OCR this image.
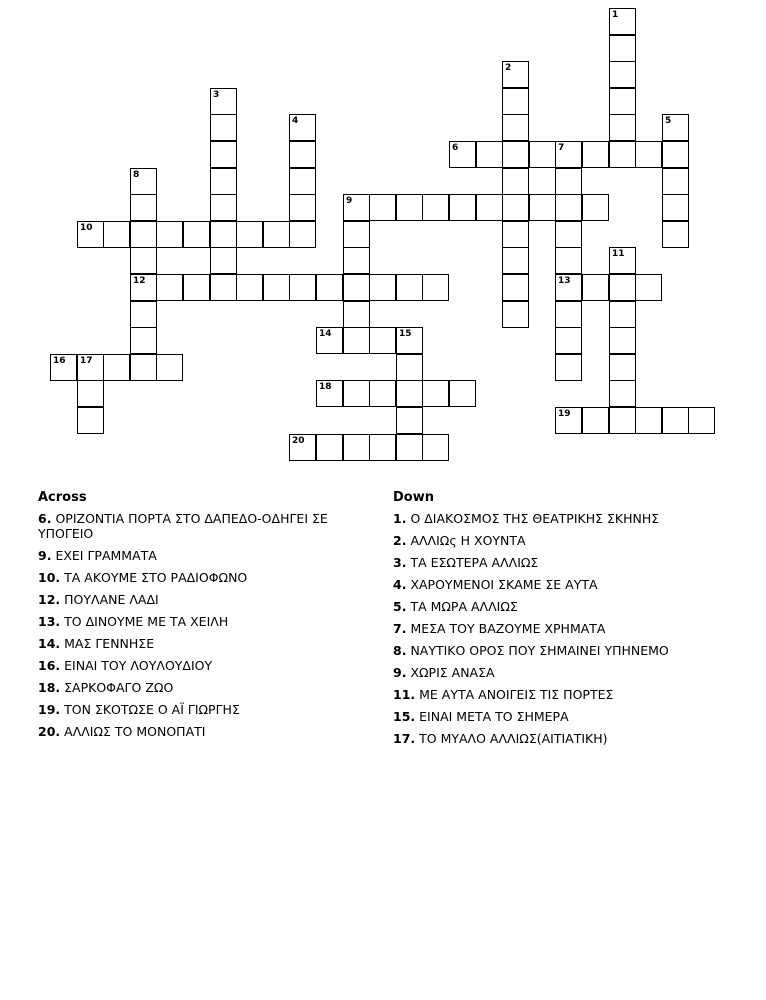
1
2
3
4	5
6	7
13
8
12
9
10
11
14	15
16 17
18
19
20
Across
6. ΟΡΙΖΟΝΤΙΑ ΠΟΡΤΑ ΣΤΟ ΔΑΠΕΔΟ-ΟΔΗΓΕΙ ΣΕ ΥΠΟΓΕΙΟ
9. ΕΧΕΙ ΓΡΑΜΜΑΤΑ
10. ΤΑ ΑΚΟΥΜΕ ΣΤΟ ΡΑΔΙΟΦΩΝΟ
12. ΠΟΥΛΑΝΕ ΛΑΔΙ
13. ΤΟ ΔΙΝΟΥΜΕ ΜΕ ΤΑ ΧΕΙΛΗ
14. ΜΑΣ ΓΕΝΝΗΣΕ
16. ΕΙΝΑΙ ΤΟΥ ΛΟΥΛΟΥΔΙΟΥ
18. ΣΑΡΚΟΦΑΓΟ ΖΩΟ
19. ΤΟΝ ΣΚΟΤΩΣΕ Ο ΑΪ ΓΙΩΡΓΗΣ
20. ΑΛΛΙΩΣ ΤΟ ΜΟΝΟΠΑΤΙ
Down
1. Ο ΔΙΑΚΟΣΜΟΣ ΤΗΣ ΘΕΑΤΡΙΚΗΣ ΣΚΗΝΗΣ
2. ΑΛΛΙΩς Η ΧΟΥΝΤΑ
3. ΤΑ ΕΣΩΤΕΡΑ ΑΛΛΙΩΣ
4. ΧΑΡΟΥΜΕΝΟΙ ΣΚΑΜΕ ΣΕ ΑΥΤΑ
5. ΤΑ ΜΩΡΑ ΑΛΛΙΩΣ
7. ΜΕΣΑ ΤΟΥ ΒΑΖΟΥΜΕ ΧΡΗΜΑΤΑ
8. ΝΑΥΤΙΚΟ ΟΡΟΣ ΠΟΥ ΣΗΜΑΙΝΕΙ ΥΠΗΝΕΜΟ
9. ΧΩΡΙΣ ΑΝΑΣΑ
11. ΜΕ ΑΥΤΑ ΑΝΟΙΓΕΙΣ ΤΙΣ ΠΟΡΤΕΣ
15. ΕΙΝΑΙ ΜΕΤΑ ΤΟ ΣΗΜΕΡΑ
17. ΤΟ ΜΥΑΛΟ ΑΛΛΙΩΣ(ΑΙΤΙΑΤΙΚΗ)
